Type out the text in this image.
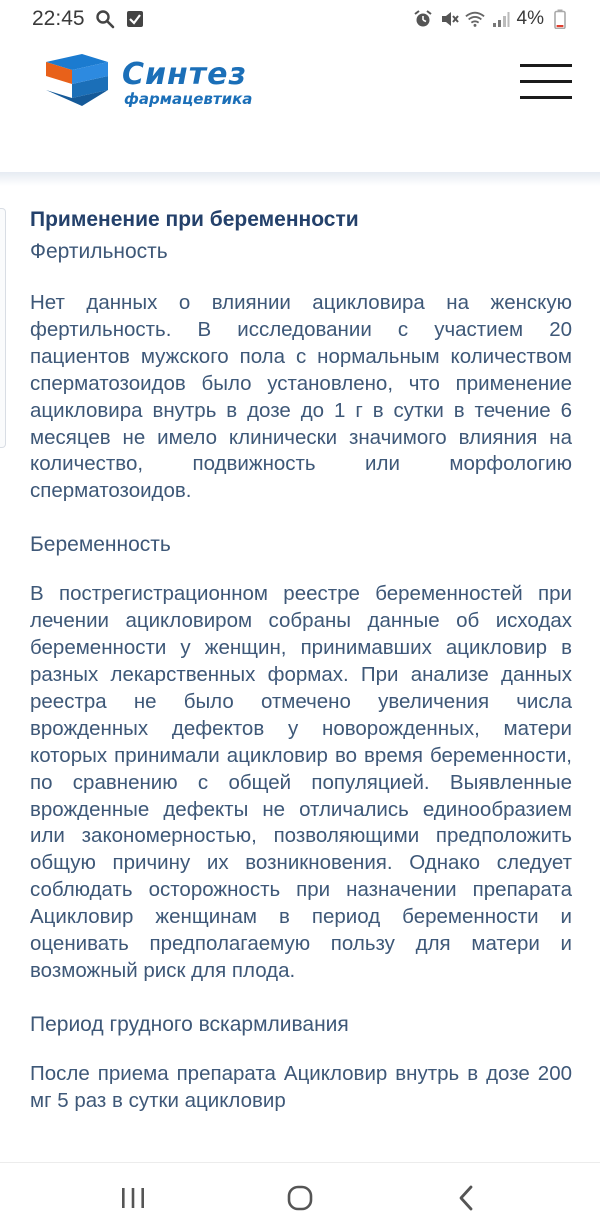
22:45	4%
Синтез
фармацевтика
Применение при беременности
Фертильность

Нет данных о влиянии ацикловира на женскую фертильность. В исследовании с участием 20 пациентов мужского пола с нормальным количеством сперматозоидов было установлено, что применение ацикловира внутрь в дозе до 1 г в сутки в течение 6 месяцев не имело клинически значимого влияния на количество, подвижность или морфологию сперматозоидов.

Беременность

В пострегистрационном реестре беременностей при лечении ацикловиром собраны данные об исходах беременности у женщин, принимавших ацикловир в разных лекарственных формах. При анализе данных реестра не было отмечено увеличения числа врожденных дефектов у новорожденных, матери которых принимали ацикловир во время беременности, по сравнению с общей популяцией. Выявленные врожденные дефекты не отличались единообразием или закономерностью, позволяющими предположить общую причину их возникновения. Однако следует соблюдать осторожность при назначении препарата Ацикловир женщинам в период беременности и оценивать предполагаемую пользу для матери и возможный риск для плода.

Период грудного вскармливания

После приема препарата Ацикловир внутрь в дозе 200 мг 5 раз в сутки ацикловир
